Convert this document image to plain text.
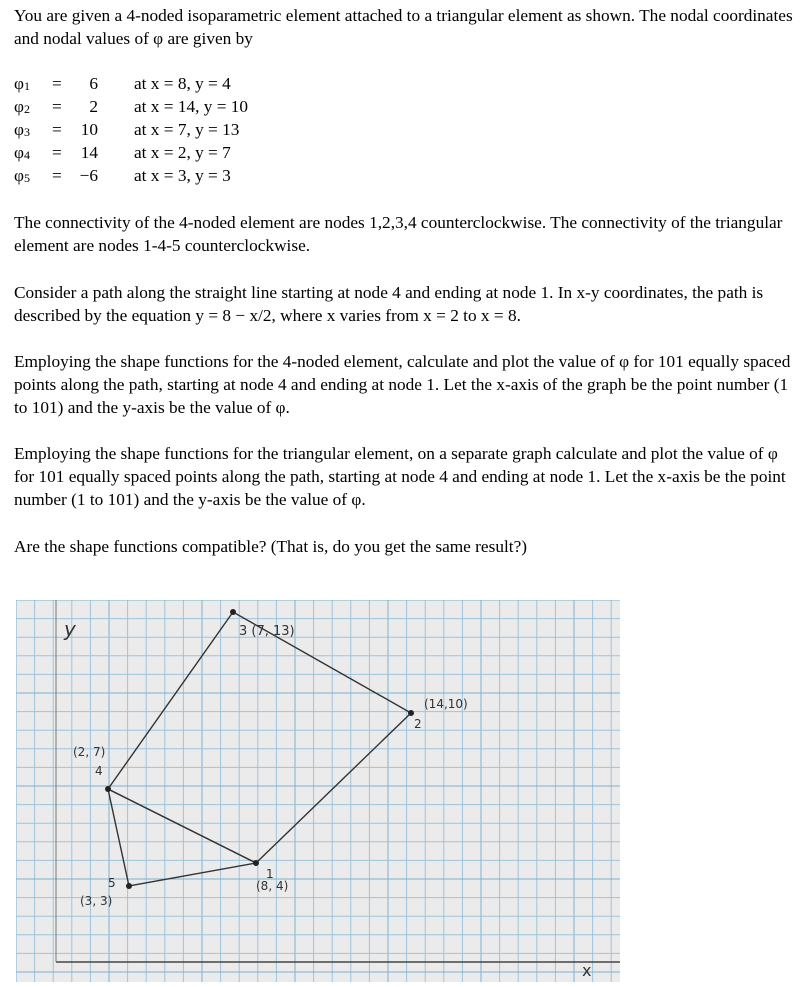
You are given a 4-noded isoparametric element attached to a triangular element as shown. The nodal coordinates and nodal values of φ are given by

$\varphi_1$ =	6 at x = 8, y = 4
$\varphi_2$ =	2 at x = 14, y = 10
$\varphi_3$ =	10 at x = 7, y = 13
$\varphi_4$ =	14 at x = 2, y = 7
$\varphi_5$ =	−6 at x = 3, y = 3

The connectivity of the 4-noded element are nodes 1,2,3,4 counterclockwise. The connectivity of the triangular element are nodes 1-4-5 counterclockwise.

Consider a path along the straight line starting at node 4 and ending at node 1. In x-y coordinates, the path is described by the equation y = 8 − x/2, where x varies from x = 2 to x = 8.

Employing the shape functions for the 4-noded element, calculate and plot the value of φ for 101 equally spaced points along the path, starting at node 4 and ending at node 1. Let the x-axis of the graph be the point number (1 to 101) and the y-axis be the value of φ.

Employing the shape functions for the triangular element, on a separate graph calculate and plot the value of φ for 101 equally spaced points along the path, starting at node 4 and ending at node 1. Let the x-axis be the point number (1 to 101) and the y-axis be the value of φ.

Are the shape functions compatible? (That is, do you get the same result?)

y
x
3 (7, 13)
(14,10)
2
(2, 7)
4
5
(3, 3)
1
(8, 4)
